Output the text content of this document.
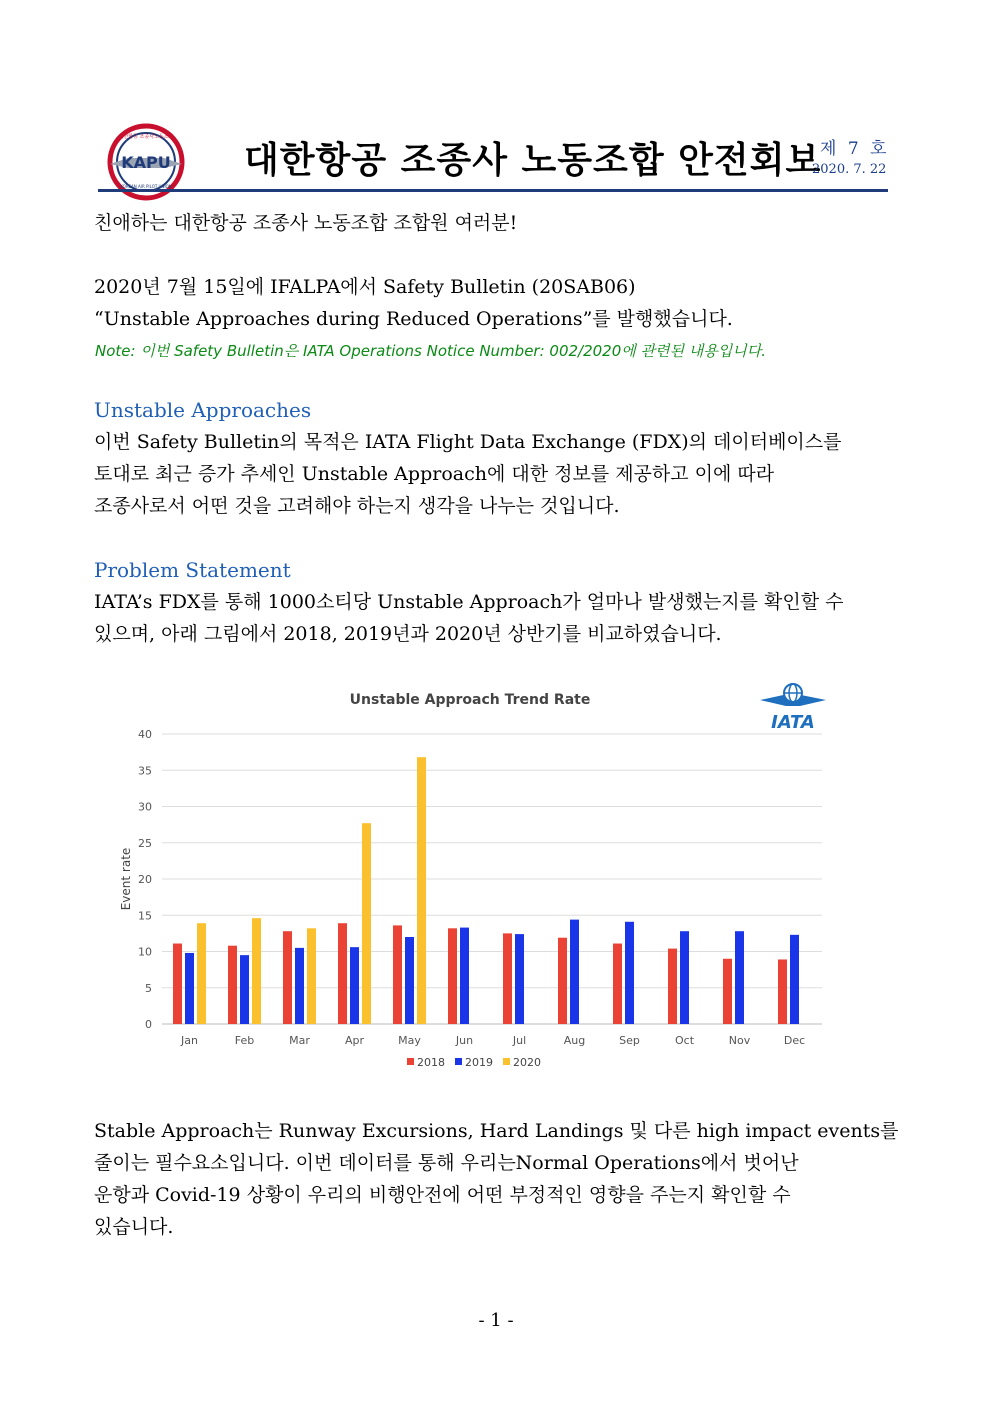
KAPU
대한항공 조종사노동조합
KOREAN AIR PILOT UNION
대한항공 조종사 노동조합 안전회보
제 7 호
2020. 7. 22
친애하는 대한항공 조종사 노동조합 조합원 여러분!
2020년 7월 15일에 IFALPA에서 Safety Bulletin (20SAB06)
“Unstable Approaches during Reduced Operations”를 발행했습니다.
Note: 이번 Safety Bulletin은 IATA Operations Notice Number: 002/2020에 관련된 내용입니다.
Unstable Approaches
이번 Safety Bulletin의 목적은 IATA Flight Data Exchange (FDX)의 데이터베이스를
토대로 최근 증가 추세인 Unstable Approach에 대한 정보를 제공하고 이에 따라
조종사로서 어떤 것을 고려해야 하는지 생각을 나누는 것입니다.
Problem Statement
IATA’s FDX를 통해 1000소티당 Unstable Approach가 얼마나 발생했는지를 확인할 수
있으며, 아래 그림에서 2018, 2019년과 2020년 상반기를 비교하였습니다.
Unstable Approach Trend Rate
IATA
Event rate
0
5
10
15
20
25
30
35
40
Jan	Feb	Mar	Apr	May	Jun	Jul	Aug	Sep	Oct	Nov	Dec
2018 2019 2020
Stable Approach는 Runway Excursions, Hard Landings 및 다른 high impact events를
줄이는 필수요소입니다. 이번 데이터를 통해 우리는Normal Operations에서 벗어난
운항과 Covid-19 상황이 우리의 비행안전에 어떤 부정적인 영향을 주는지 확인할 수
있습니다.
- 1 -
